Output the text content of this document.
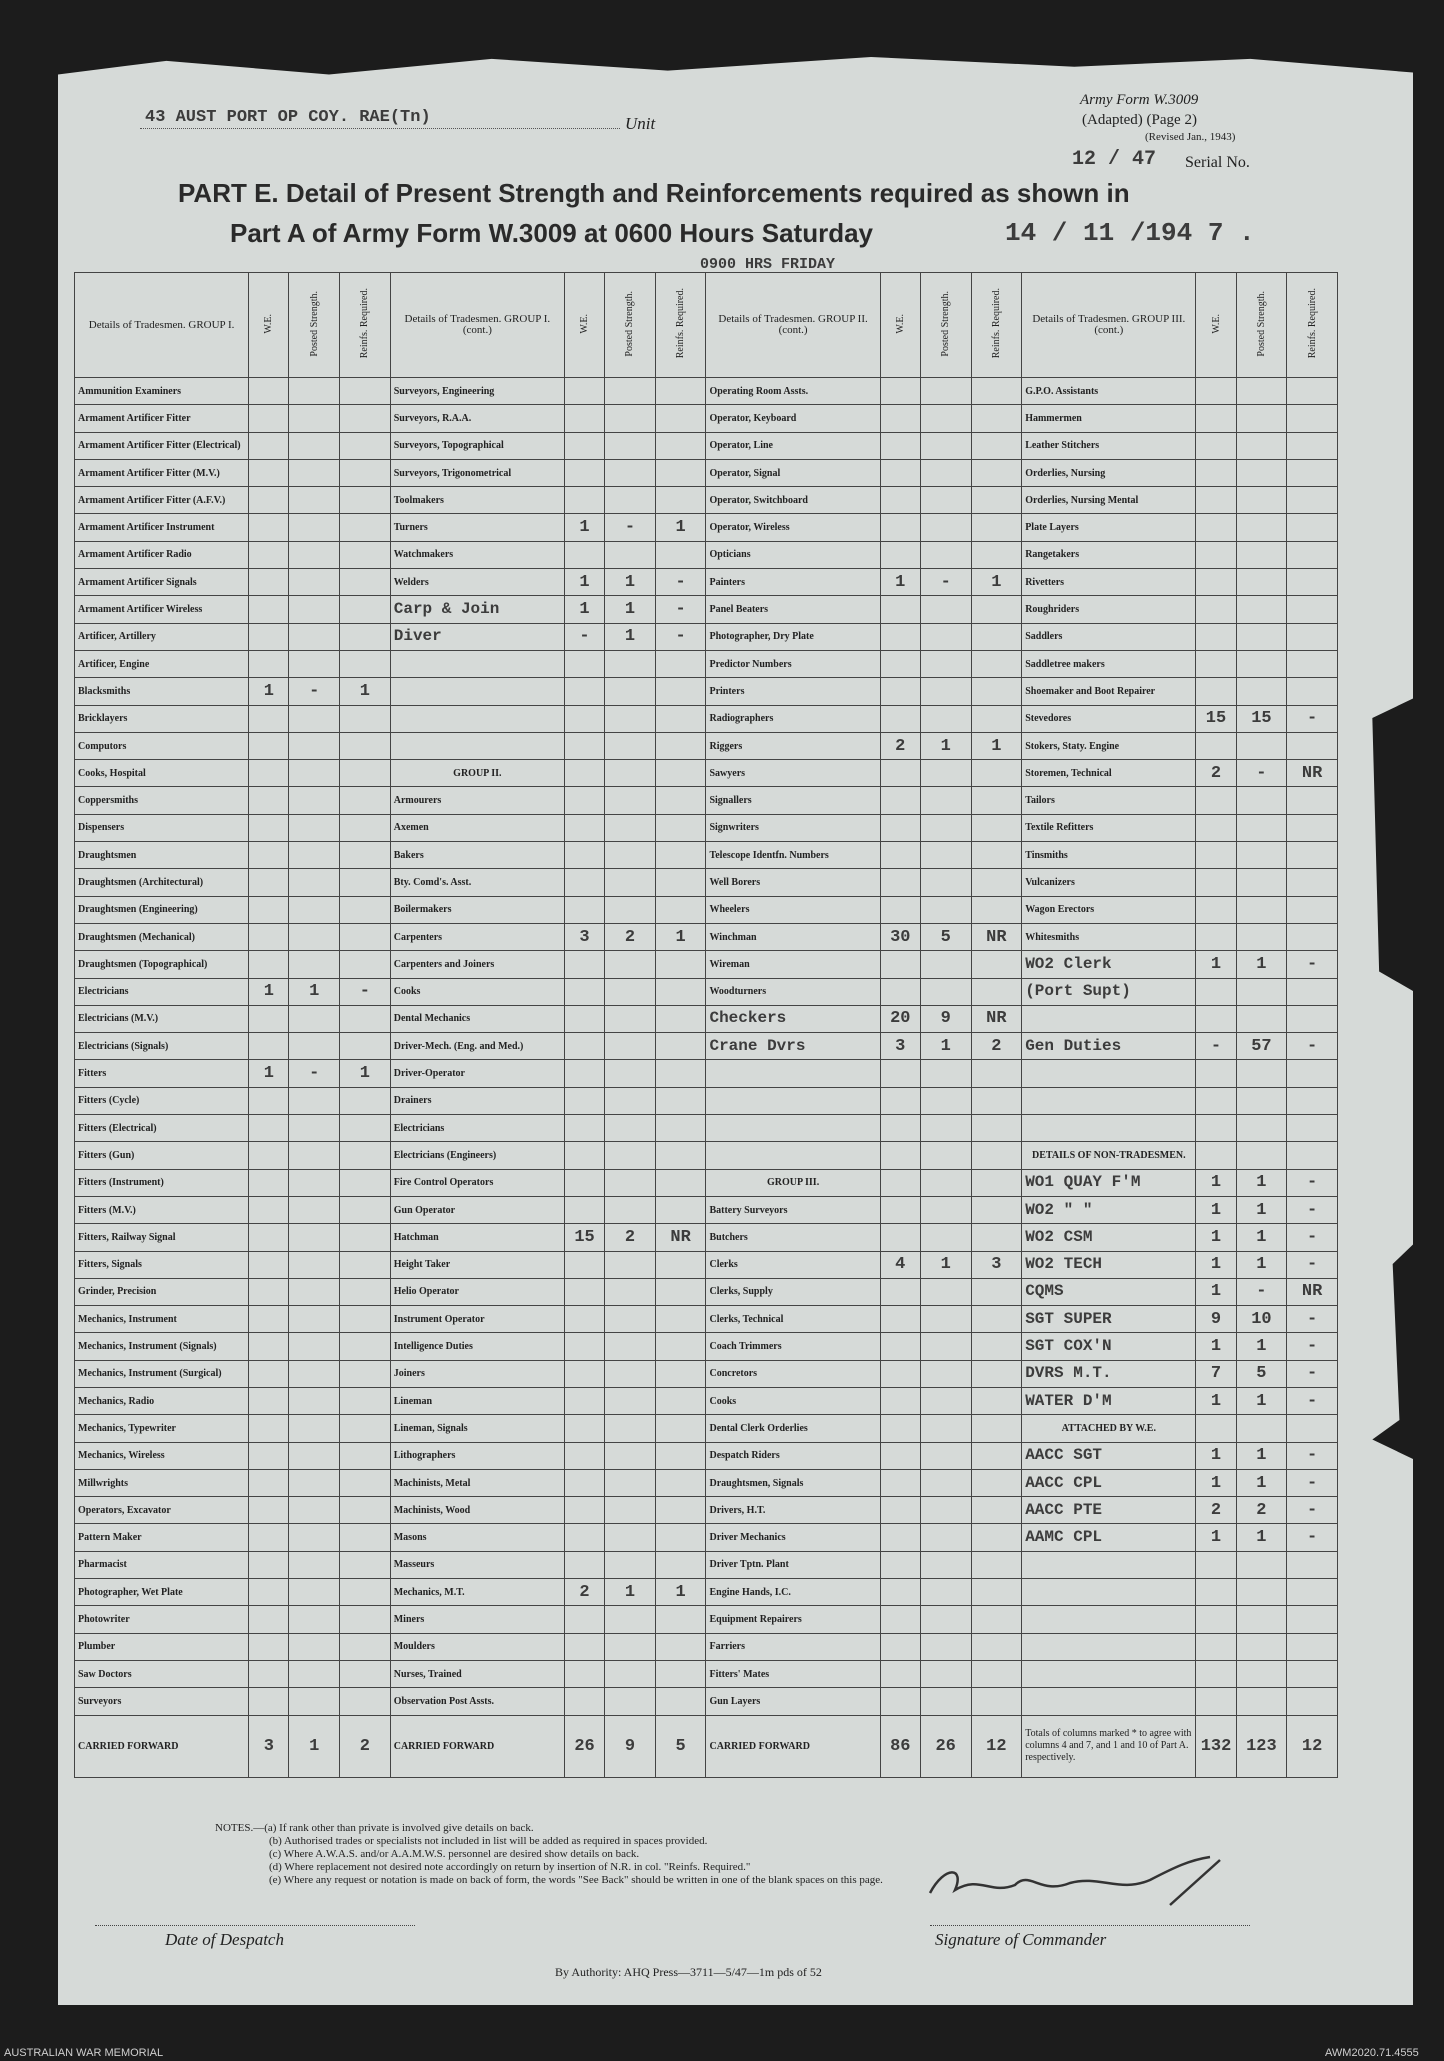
43 AUST PORT OP COY. RAE(Tn)	Unit
Army Form W.3009
(Adapted) (Page 2)
(Revised Jan., 1943)
12 / 47 Serial No.
PART E. Detail of Present Strength and Reinforcements required as shown in
Part A of Army Form W.3009 at 0600 Hours Saturday	14 / 11 /194 7 .
0900 HRS FRIDAY
Details of Tradesmen. GROUP I.	W.E.	Posted Strength.	Reinfs. Required.	Details of Tradesmen. GROUP I. (cont.)	W.E.	Posted Strength.	Reinfs. Required.	Details of Tradesmen. GROUP II. (cont.)	W.E.	Posted Strength.	Reinfs. Required.	Details of Tradesmen. GROUP III. (cont.)	W.E.	Posted Strength.	Reinfs. Required.
Ammunition Examiners				Surveyors, Engineering				Operating Room Assts.				G.P.O. Assistants			
Armament Artificer Fitter				Surveyors, R.A.A.				Operator, Keyboard				Hammermen			
Armament Artificer Fitter (Electrical)				Surveyors, Topographical				Operator, Line				Leather Stitchers			
Armament Artificer Fitter (M.V.)				Surveyors, Trigonometrical				Operator, Signal				Orderlies, Nursing			
Armament Artificer Fitter (A.F.V.)				Toolmakers				Operator, Switchboard				Orderlies, Nursing Mental			
Armament Artificer Instrument				Turners	1	-	1	Operator, Wireless				Plate Layers			
Armament Artificer Radio				Watchmakers				Opticians				Rangetakers			
Armament Artificer Signals				Welders	1	1	-	Painters	1	-	1	Rivetters			
Armament Artificer Wireless				Carp & Join	1	1	-	Panel Beaters				Roughriders			
Artificer, Artillery				Diver	-	1	-	Photographer, Dry Plate				Saddlers			
Artificer, Engine								Predictor Numbers				Saddletree makers			
Blacksmiths	1	-	1					Printers				Shoemaker and Boot Repairer			
Bricklayers								Radiographers				Stevedores	15	15	-
Computors								Riggers	2	1	1	Stokers, Staty. Engine			
Cooks, Hospital				GROUP II.				Sawyers				Storemen, Technical	2	-	NR
Coppersmiths				Armourers				Signallers				Tailors			
Dispensers				Axemen				Signwriters				Textile Refitters			
Draughtsmen				Bakers				Telescope Identfn. Numbers				Tinsmiths			
Draughtsmen (Architectural)				Bty. Comd's. Asst.				Well Borers				Vulcanizers			
Draughtsmen (Engineering)				Boilermakers				Wheelers				Wagon Erectors			
Draughtsmen (Mechanical)				Carpenters	3	2	1	Winchman	30	5	NR	Whitesmiths			
Draughtsmen (Topographical)				Carpenters and Joiners				Wireman				WO2 Clerk	1	1	-
Electricians	1	1	-	Cooks				Woodturners				(Port Supt)			
Electricians (M.V.)				Dental Mechanics				Checkers	20	9	NR				
Electricians (Signals)				Driver-Mech. (Eng. and Med.)				Crane Dvrs	3	1	2	Gen Duties	-	57	-
Fitters	1	-	1	Driver-Operator											
Fitters (Cycle)				Drainers											
Fitters (Electrical)				Electricians											
Fitters (Gun)				Electricians (Engineers)								DETAILS OF NON-TRADESMEN.			
Fitters (Instrument)				Fire Control Operators				GROUP III.				WO1 QUAY F'M	1	1	-
Fitters (M.V.)				Gun Operator				Battery Surveyors				WO2 " "	1	1	-
Fitters, Railway Signal				Hatchman	15	2	NR	Butchers				WO2 CSM	1	1	-
Fitters, Signals				Height Taker				Clerks	4	1	3	WO2 TECH	1	1	-
Grinder, Precision				Helio Operator				Clerks, Supply				CQMS	1	-	NR
Mechanics, Instrument				Instrument Operator				Clerks, Technical				SGT SUPER	9	10	-
Mechanics, Instrument (Signals)				Intelligence Duties				Coach Trimmers				SGT COX'N	1	1	-
Mechanics, Instrument (Surgical)				Joiners				Concretors				DVRS M.T.	7	5	-
Mechanics, Radio				Lineman				Cooks				WATER D'M	1	1	-
Mechanics, Typewriter				Lineman, Signals				Dental Clerk Orderlies				ATTACHED BY W.E.			
Mechanics, Wireless				Lithographers				Despatch Riders				AACC SGT	1	1	-
Millwrights				Machinists, Metal				Draughtsmen, Signals				AACC CPL	1	1	-
Operators, Excavator				Machinists, Wood				Drivers, H.T.				AACC PTE	2	2	-
Pattern Maker				Masons				Driver Mechanics				AAMC CPL	1	1	-
Pharmacist				Masseurs				Driver Tptn. Plant							
Photographer, Wet Plate				Mechanics, M.T.	2	1	1	Engine Hands, I.C.							
Photowriter				Miners				Equipment Repairers							
Plumber				Moulders				Farriers							
Saw Doctors				Nurses, Trained				Fitters' Mates							
Surveyors				Observation Post Assts.				Gun Layers							
CARRIED FORWARD	3	1	2	CARRIED FORWARD	26	9	5	CARRIED FORWARD	86	26	12	Totals of columns marked * to agree with columns 4 and 7, and 1 and 10 of Part A. respectively.	132	123	12
NOTES.—(a) If rank other than private is involved give details on back.
(b) Authorised trades or specialists not included in list will be added as required in spaces provided.
(c) Where A.W.A.S. and/or A.A.M.W.S. personnel are desired show details on back.
(d) Where replacement not desired note accordingly on return by insertion of N.R. in col. "Reinfs. Required."
(e) Where any request or notation is made on back of form, the words "See Back" should be written in one of the blank spaces on this page.
Date of Despatch	Signature of Commander
By Authority: AHQ Press—3711—5/47—1m pds of 52
AUSTRALIAN WAR MEMORIAL	AWM2020.71.4555
